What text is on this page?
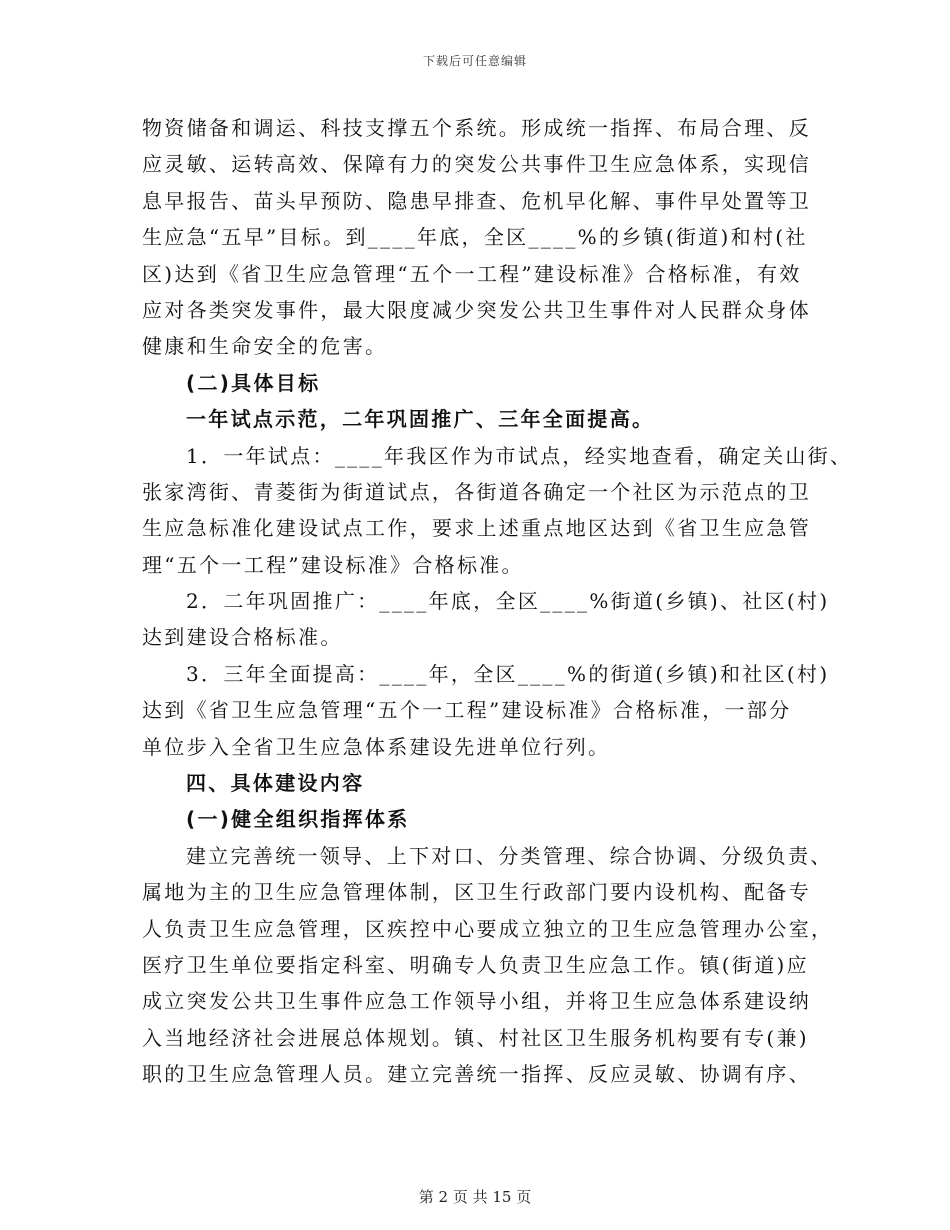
下载后可任意编辑
物资储备和调运、科技支撑五个系统。形成统一指挥、布局合理、反
应灵敏、运转高效、保障有力的突发公共事件卫生应急体系，实现信
息早报告、苗头早预防、隐患早排查、危机早化解、事件早处置等卫
生应急“五早”目标。到____年底，全区____%的乡镇(街道)和村(社
区)达到《省卫生应急管理“五个一工程”建设标准》合格标准，有效
应对各类突发事件，最大限度减少突发公共卫生事件对人民群众身体
健康和生命安全的危害。
(二)具体目标
一年试点示范，二年巩固推广、三年全面提高。
1．一年试点：____年我区作为市试点，经实地查看，确定关山街、
张家湾街、青菱街为街道试点，各街道各确定一个社区为示范点的卫
生应急标准化建设试点工作，要求上述重点地区达到《省卫生应急管
理“五个一工程”建设标准》合格标准。
2．二年巩固推广：____年底，全区____%街道(乡镇)、社区(村)
达到建设合格标准。
3．三年全面提高：____年，全区____%的街道(乡镇)和社区(村)
达到《省卫生应急管理“五个一工程”建设标准》合格标准，一部分
单位步入全省卫生应急体系建设先进单位行列。
四、具体建设内容
(一)健全组织指挥体系
建立完善统一领导、上下对口、分类管理、综合协调、分级负责、
属地为主的卫生应急管理体制，区卫生行政部门要内设机构、配备专
人负责卫生应急管理，区疾控中心要成立独立的卫生应急管理办公室，
医疗卫生单位要指定科室、明确专人负责卫生应急工作。镇(街道)应
成立突发公共卫生事件应急工作领导小组，并将卫生应急体系建设纳
入当地经济社会进展总体规划。镇、村社区卫生服务机构要有专(兼)
职的卫生应急管理人员。建立完善统一指挥、反应灵敏、协调有序、
第 2 页 共 15 页
